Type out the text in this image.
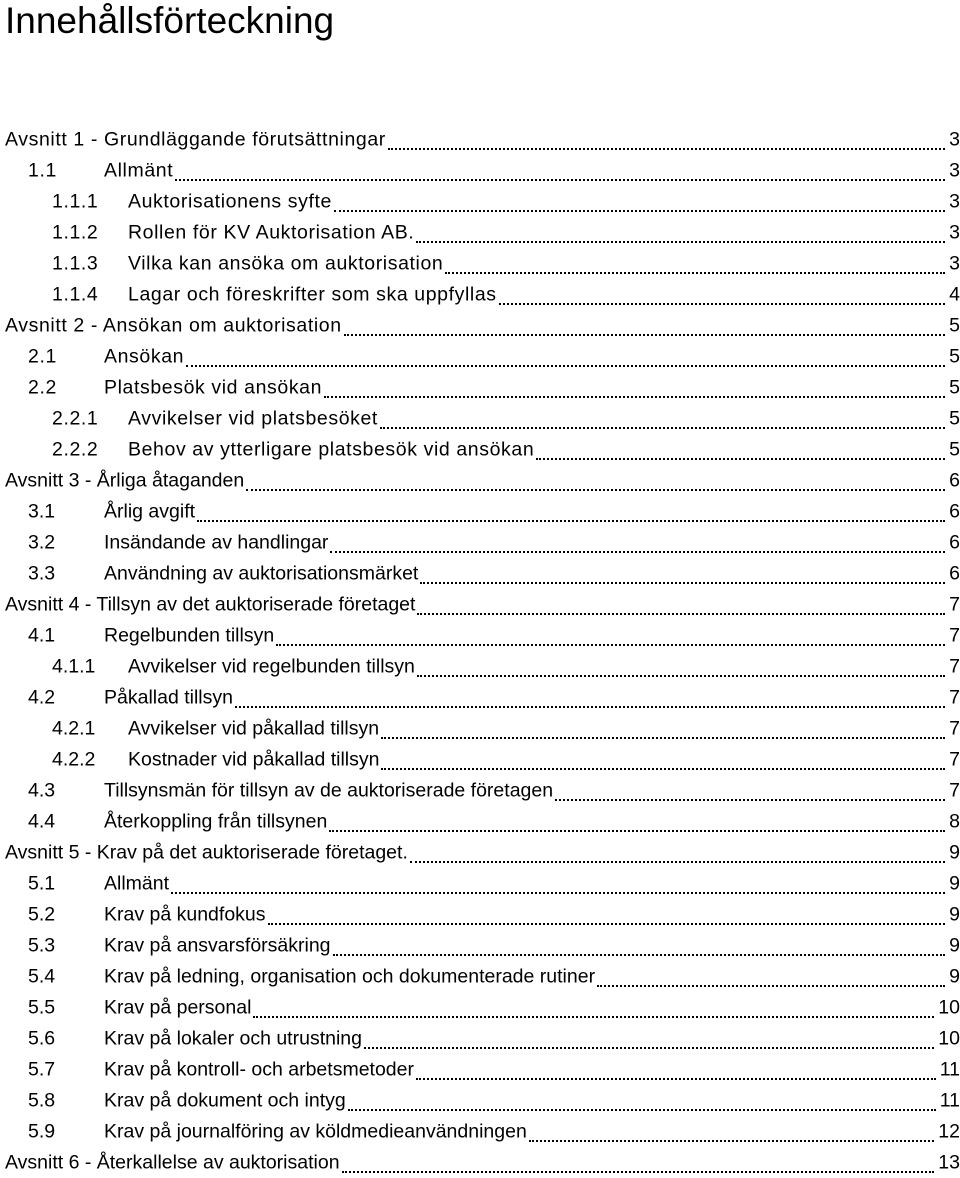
Innehållsförteckning
Avsnitt 1 - Grundläggande förutsättningar	3
1.1 Allmänt	3
1.1.1 Auktorisationens syfte	3
1.1.2 Rollen för KV Auktorisation AB.	3
1.1.3 Vilka kan ansöka om auktorisation	3
1.1.4 Lagar och föreskrifter som ska uppfyllas	4
Avsnitt 2 - Ansökan om auktorisation	5
2.1 Ansökan	5
2.2 Platsbesök vid ansökan	5
2.2.1 Avvikelser vid platsbesöket	5
2.2.2 Behov av ytterligare platsbesök vid ansökan	5
Avsnitt 3 - Årliga åtaganden	6
3.1	Årlig avgift	6
3.2	Insändande av handlingar	6
3.3	Användning av auktorisationsmärket	6
Avsnitt 4 - Tillsyn av det auktoriserade företaget	7
4.1	Regelbunden tillsyn	7
4.1.1 Avvikelser vid regelbunden tillsyn	7
4.2	Påkallad tillsyn	7
4.2.1 Avvikelser vid påkallad tillsyn	7
4.2.2 Kostnader vid påkallad tillsyn	7
4.3	Tillsynsmän för tillsyn av de auktoriserade företagen	7
4.4	Återkoppling från tillsynen	8
Avsnitt 5 - Krav på det auktoriserade företaget.	9
5.1	Allmänt	9
5.2	Krav på kundfokus	9
5.3	Krav på ansvarsförsäkring	9
5.4	Krav på ledning, organisation och dokumenterade rutiner	9
5.5	Krav på personal	10
5.6	Krav på lokaler och utrustning	10
5.7	Krav på kontroll- och arbetsmetoder	11
5.8	Krav på dokument och intyg	11
5.9	Krav på journalföring av köldmedieanvändningen	12
Avsnitt 6 - Återkallelse av auktorisation	13
